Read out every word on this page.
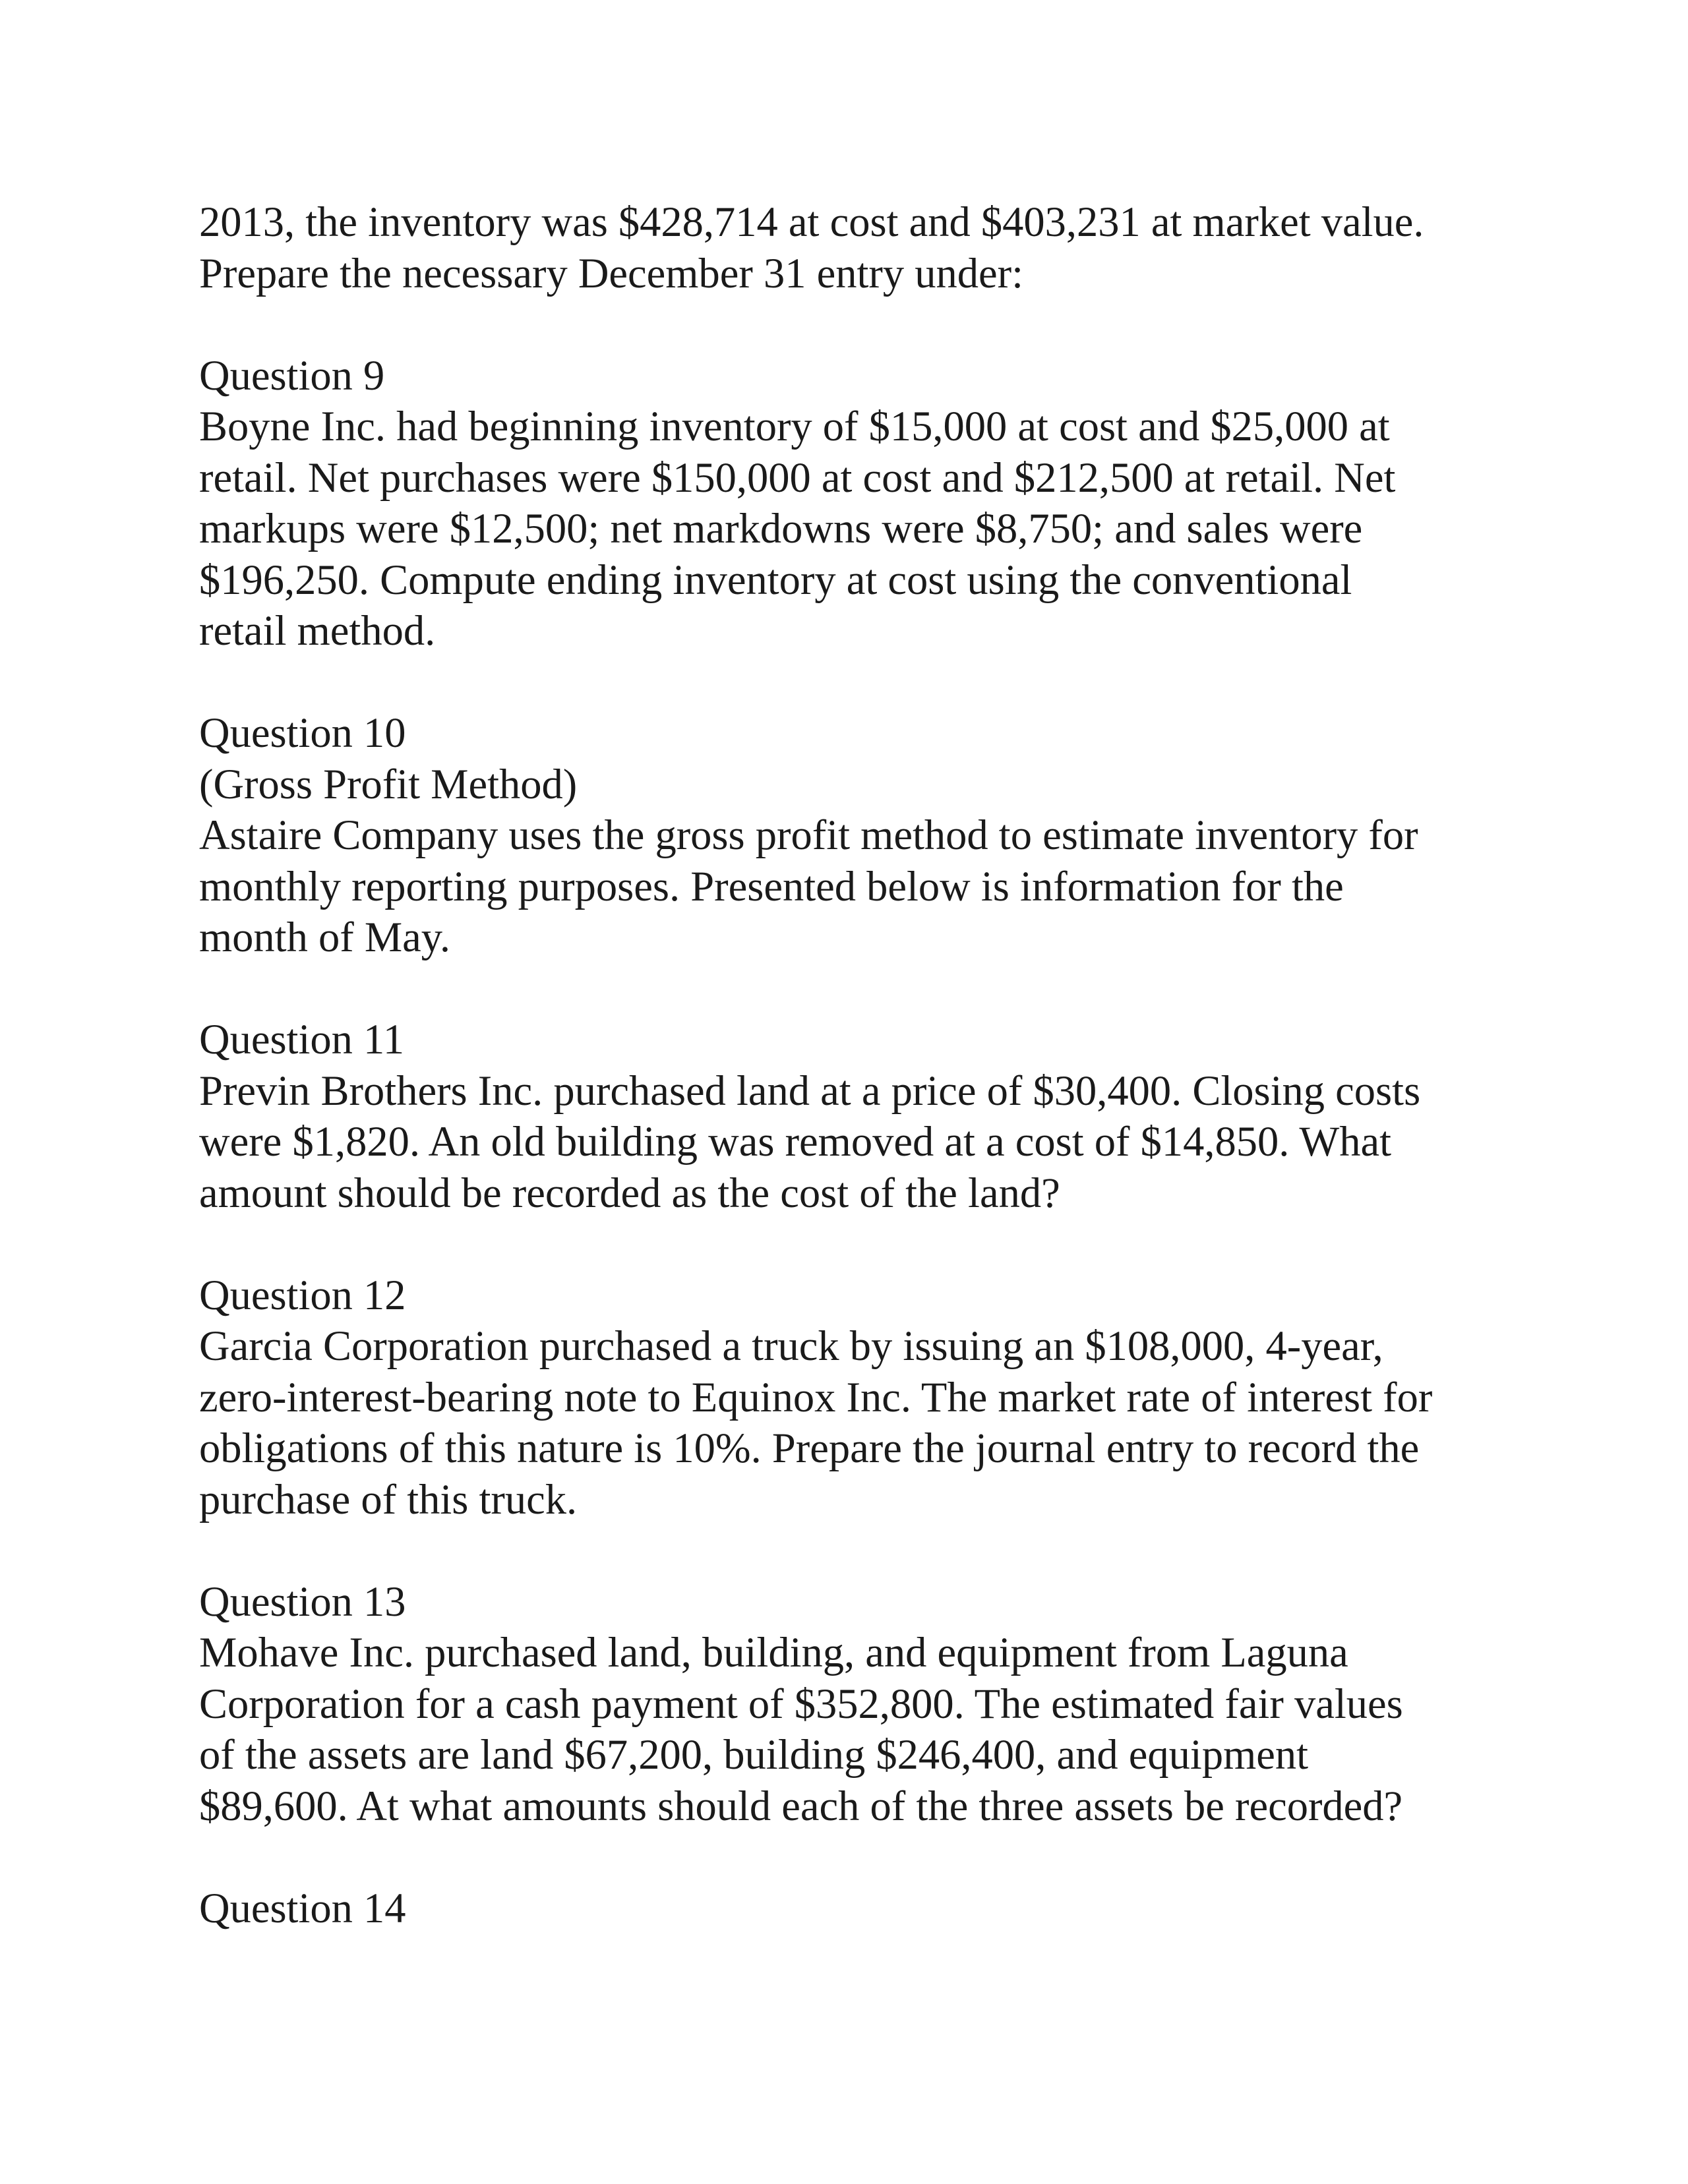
2013, the inventory was $428,714 at cost and $403,231 at market value.
Prepare the necessary December 31 entry under:
Question 9
Boyne Inc. had beginning inventory of $15,000 at cost and $25,000 at
retail. Net purchases were $150,000 at cost and $212,500 at retail. Net
markups were $12,500; net markdowns were $8,750; and sales were
$196,250. Compute ending inventory at cost using the conventional
retail method.
Question 10
(Gross Profit Method)
Astaire Company uses the gross profit method to estimate inventory for
monthly reporting purposes. Presented below is information for the
month of May.
Question 11
Previn Brothers Inc. purchased land at a price of $30,400. Closing costs
were $1,820. An old building was removed at a cost of $14,850. What
amount should be recorded as the cost of the land?
Question 12
Garcia Corporation purchased a truck by issuing an $108,000, 4-year,
zero-interest-bearing note to Equinox Inc. The market rate of interest for
obligations of this nature is 10%. Prepare the journal entry to record the
purchase of this truck.
Question 13
Mohave Inc. purchased land, building, and equipment from Laguna
Corporation for a cash payment of $352,800. The estimated fair values
of the assets are land $67,200, building $246,400, and equipment
$89,600. At what amounts should each of the three assets be recorded?
Question 14
